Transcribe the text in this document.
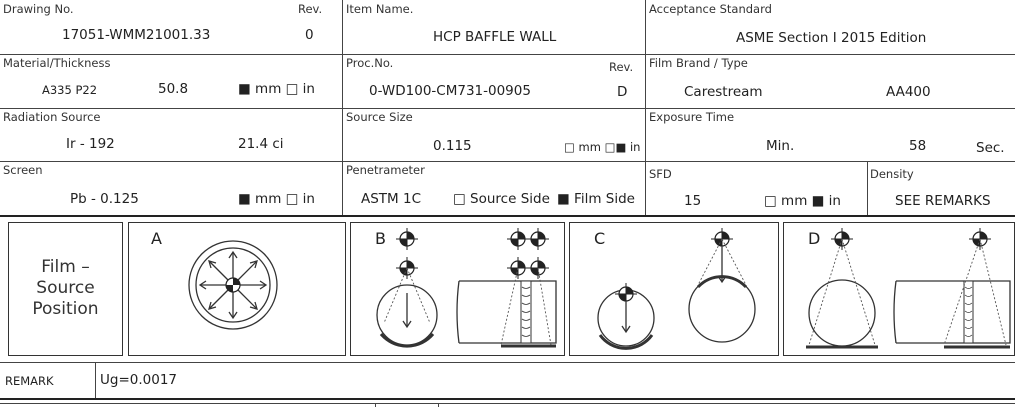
Drawing No.	Rev.
17051-WMM21001.33	0
Item Name.
HCP BAFFLE WALL
Acceptance Standard
ASME Section I 2015 Edition
Material/Thickness
A335 P22	50.8	■ mm □ in
Proc.No.	Rev.
0-WD100-CM731-00905	D
Film Brand / Type
Carestream	AA400
Radiation Source
Ir - 192	21.4 ci
Source Size
0.115	□ mm □■ in
Exposure Time
Min.	58	Sec.
Screen
Pb - 0.125	■ mm □ in
Penetrameter
ASTM 1C □ Source Side ■ Film Side
SFD
15	□ mm ■ in
Density
SEE REMARKS
Film –
Source
Position
A	B	C	D
REMARK	Ug=0.0017
